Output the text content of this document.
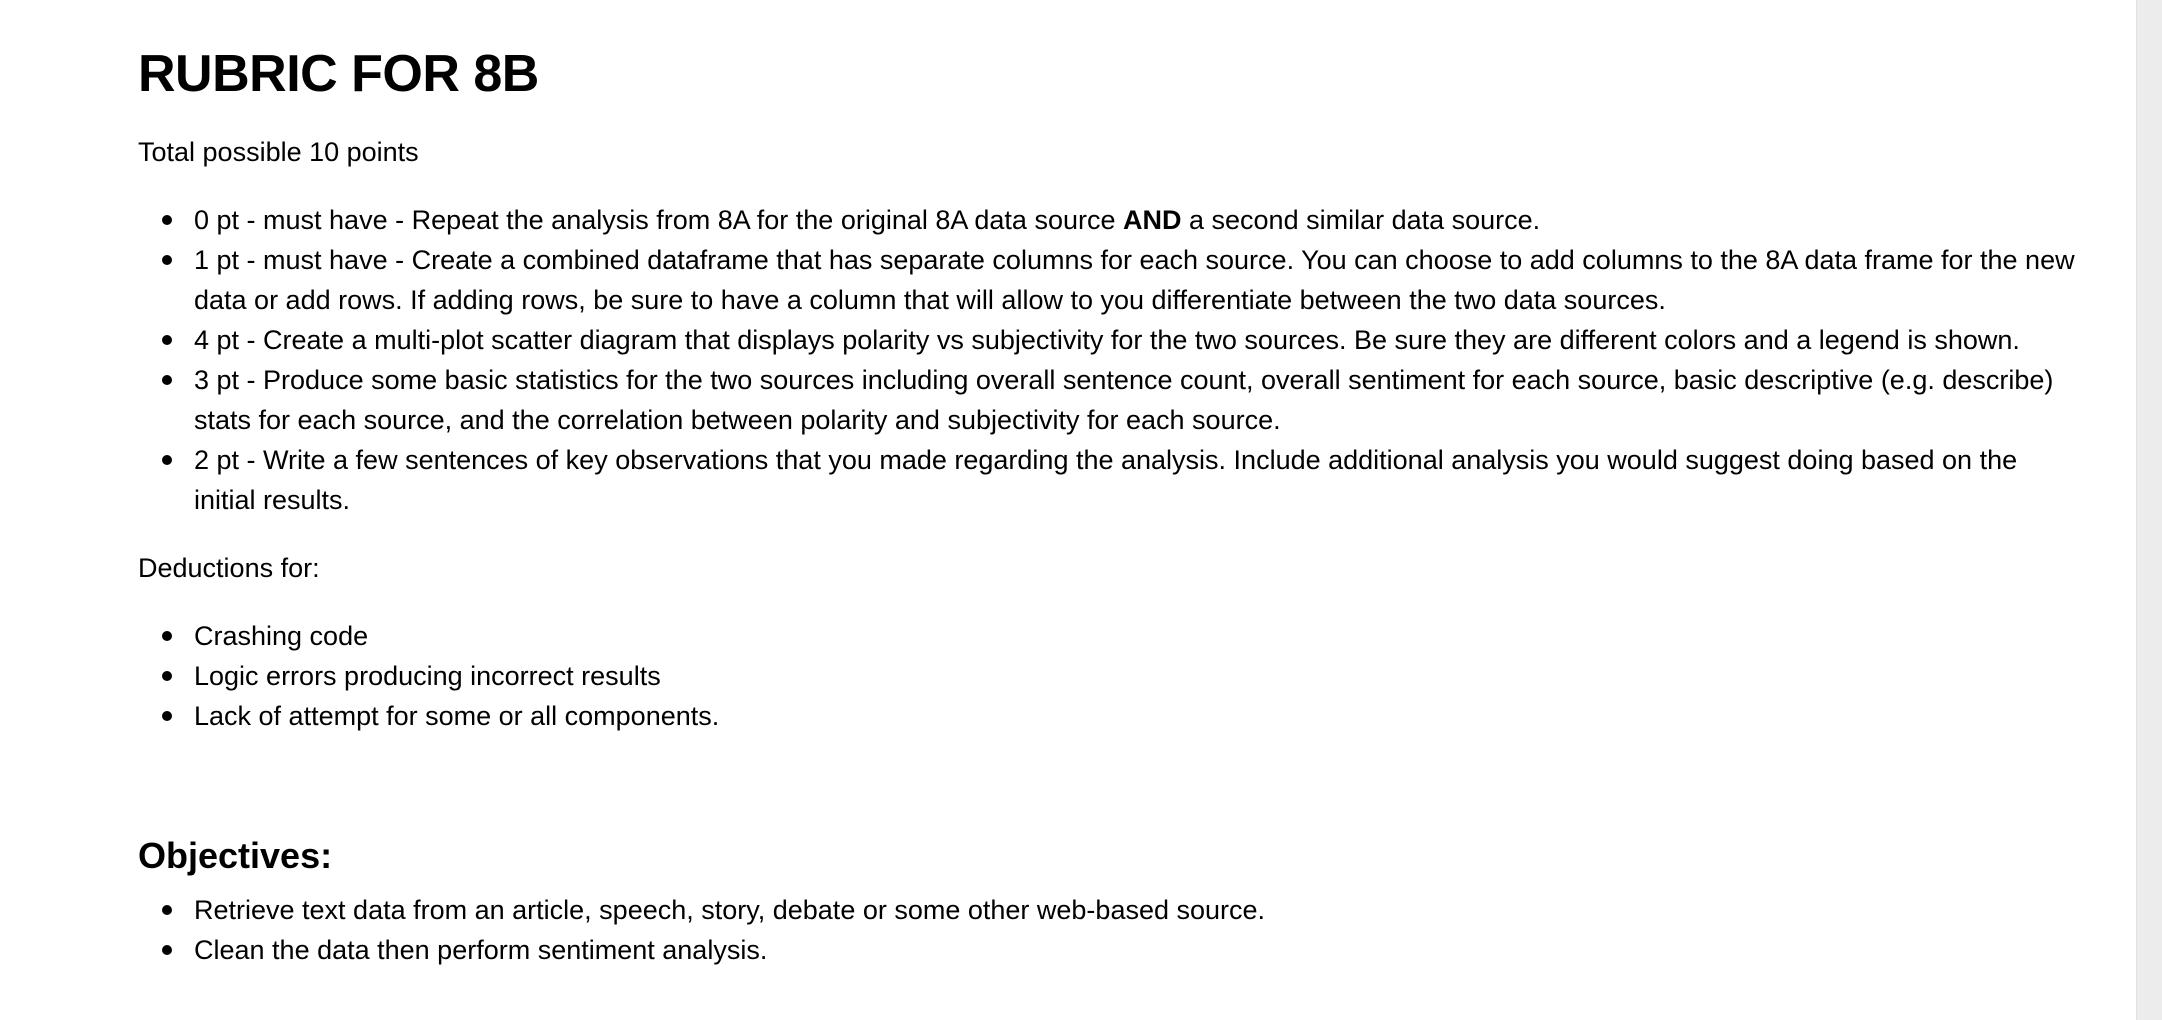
RUBRIC FOR 8B

Total possible 10 points

0 pt - must have - Repeat the analysis from 8A for the original 8A data source AND a second similar data source.
1 pt - must have - Create a combined dataframe that has separate columns for each source. You can choose to add columns to the 8A data frame for the new data or add rows. If adding rows, be sure to have a column that will allow to you differentiate between the two data sources.
4 pt - Create a multi-plot scatter diagram that displays polarity vs subjectivity for the two sources. Be sure they are different colors and a legend is shown.
3 pt - Produce some basic statistics for the two sources including overall sentence count, overall sentiment for each source, basic descriptive (e.g. describe) stats for each source, and the correlation between polarity and subjectivity for each source.
2 pt - Write a few sentences of key observations that you made regarding the analysis. Include additional analysis you would suggest doing based on the initial results.

Deductions for:

Crashing code
Logic errors producing incorrect results
Lack of attempt for some or all components.
Objectives:
Retrieve text data from an article, speech, story, debate or some other web-based source.
Clean the data then perform sentiment analysis.
